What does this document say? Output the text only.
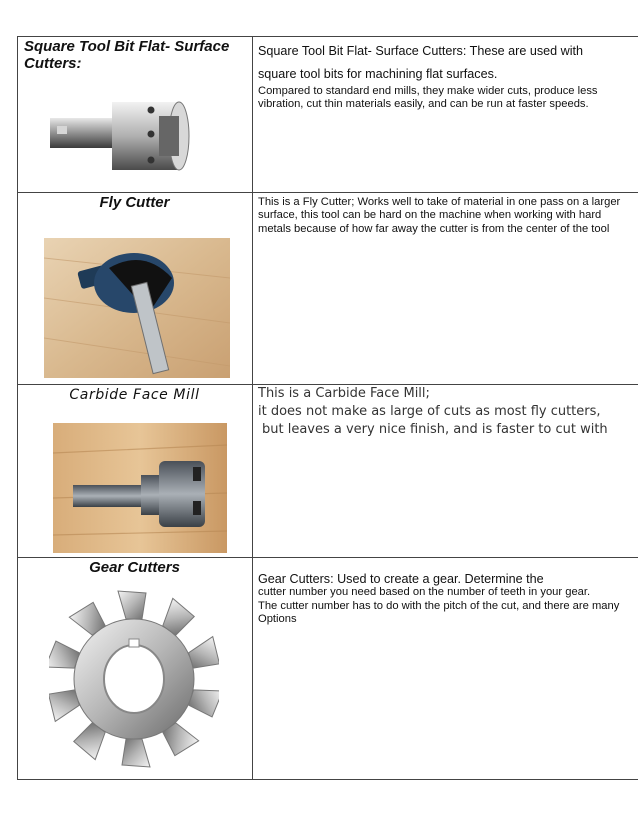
Square Tool Bit Flat- Surface Cutters:
Square Tool Bit Flat- Surface Cutters: These are used with
square tool bits for machining flat surfaces.
Compared to standard end mills, they make wider cuts, produce less vibration, cut thin materials easily, and can be run at faster speeds.
Fly Cutter	This is a Fly Cutter; Works well to take of material in one pass on a larger surface, this tool can be hard on the machine when working with hard metals because of how far away the cutter is from the center of the tool
Carbide Face Mill	This is a Carbide Face Mill;
it does not make as large of cuts as most fly cutters,
but leaves a very nice finish, and is faster to cut with
Gear Cutters
Gear Cutters: Used to create a gear. Determine the
cutter number you need based on the number of teeth in your gear.
The cutter number has to do with the pitch of the cut, and there are many Options
